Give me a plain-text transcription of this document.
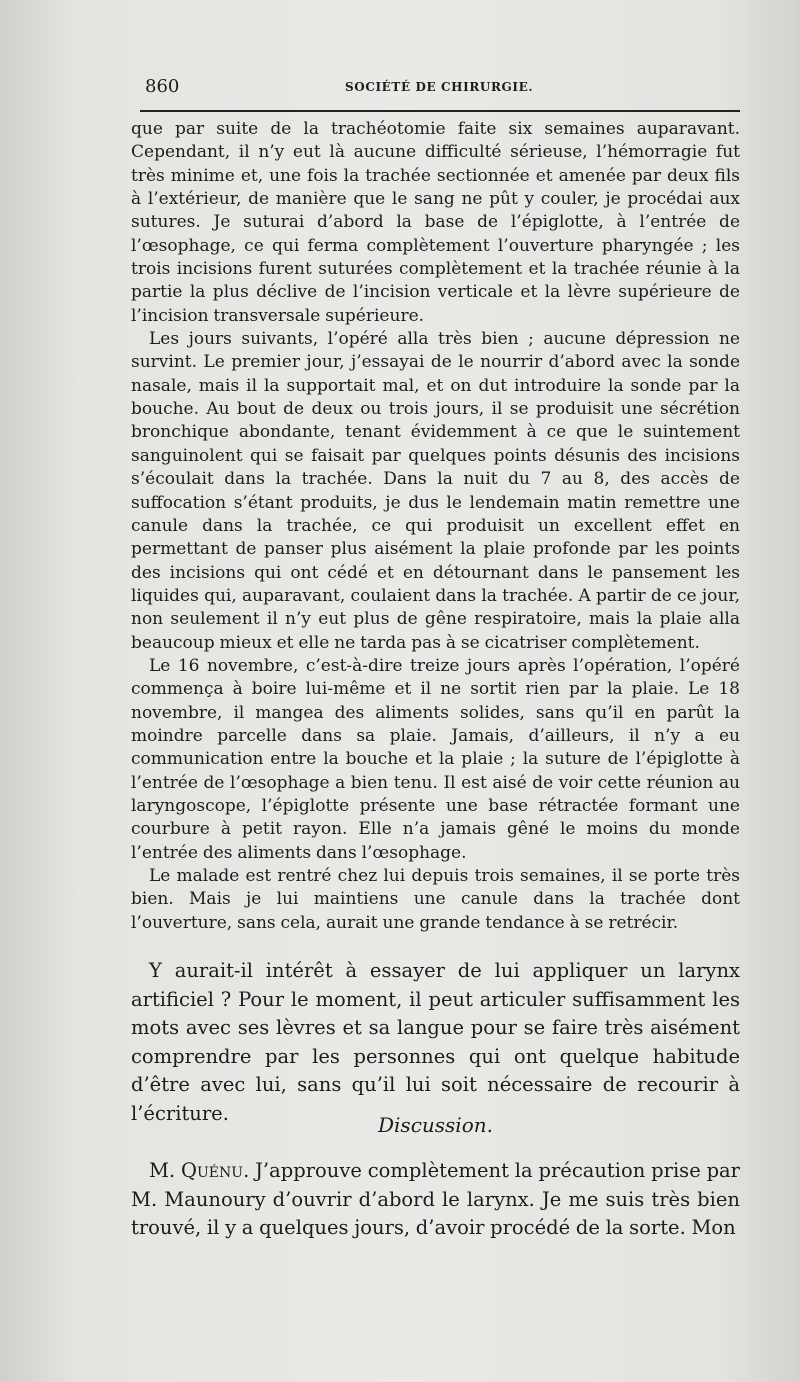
860	SOCIÉTÉ DE CHIRURGIE.

que par suite de la trachéotomie faite six semaines auparavant. Cependant, il n’y eut là aucune difficulté sérieuse, l’hémorragie fut très minime et, une fois la trachée sectionnée et amenée par deux fils à l’extérieur, de manière que le sang ne pût y couler, je procédai aux sutures. Je suturai d’abord la base de l’épiglotte, à l’entrée de l’œsophage, ce qui ferma complètement l’ouverture pharyngée ; les trois incisions furent suturées complètement et la trachée réunie à la partie la plus déclive de l’incision verticale et la lèvre supérieure de l’incision transversale supérieure.

Les jours suivants, l’opéré alla très bien ; aucune dépression ne survint. Le premier jour, j’essayai de le nourrir d’abord avec la sonde nasale, mais il la supportait mal, et on dut introduire la sonde par la bouche. Au bout de deux ou trois jours, il se produisit une sécrétion bronchique abondante, tenant évidemment à ce que le suintement sanguinolent qui se faisait par quelques points désunis des incisions s’écoulait dans la trachée. Dans la nuit du 7 au 8, des accès de suffocation s’étant produits, je dus le lendemain matin remettre une canule dans la trachée, ce qui produisit un excellent effet en permettant de panser plus aisément la plaie profonde par les points des incisions qui ont cédé et en détournant dans le pansement les liquides qui, auparavant, coulaient dans la trachée. A partir de ce jour, non seulement il n’y eut plus de gêne respiratoire, mais la plaie alla beaucoup mieux et elle ne tarda pas à se cicatriser complètement.

Le 16 novembre, c’est-à-dire treize jours après l’opération, l’opéré commença à boire lui-même et il ne sortit rien par la plaie. Le 18 novembre, il mangea des aliments solides, sans qu’il en parût la moindre parcelle dans sa plaie. Jamais, d’ailleurs, il n’y a eu communication entre la bouche et la plaie ; la suture de l’épiglotte à l’entrée de l’œsophage a bien tenu. Il est aisé de voir cette réunion au laryngoscope, l’épiglotte présente une base rétractée formant une courbure à petit rayon. Elle n’a jamais gêné le moins du monde l’entrée des aliments dans l’œsophage.

Le malade est rentré chez lui depuis trois semaines, il se porte très bien. Mais je lui maintiens une canule dans la trachée dont l’ouverture, sans cela, aurait une grande tendance à se retrécir.

Y aurait-il intérêt à essayer de lui appliquer un larynx artificiel ? Pour le moment, il peut articuler suffisamment les mots avec ses lèvres et sa langue pour se faire très aisément comprendre par les personnes qui ont quelque habitude d’être avec lui, sans qu’il lui soit nécessaire de recourir à l’écriture.	Discussion.

M. Quénu. J’approuve complètement la précaution prise par M. Maunoury d’ouvrir d’abord le larynx. Je me suis très bien trouvé, il y a quelques jours, d’avoir procédé de la sorte. Mon
